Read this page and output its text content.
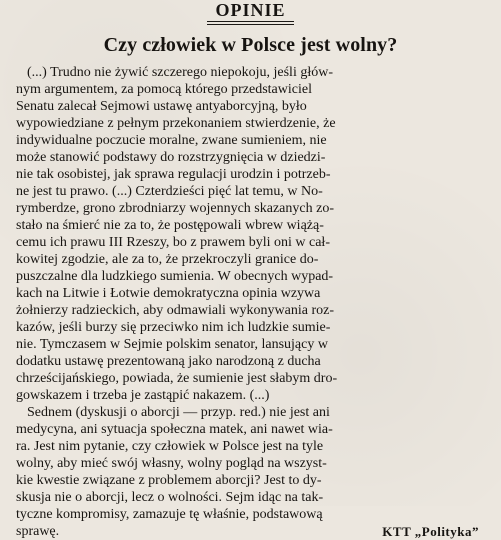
OPINIE
Czy człowiek w Polsce jest wolny?
(...) Trudno nie żywić szczerego niepokoju, jeśli głów-
nym argumentem, za pomocą którego przedstawiciel
Senatu zalecał Sejmowi ustawę antyaborcyjną, było
wypowiedziane z pełnym przekonaniem stwierdzenie, że
indywidualne poczucie moralne, zwane sumieniem, nie
może stanowić podstawy do rozstrzygnięcia w dziedzi-
nie tak osobistej, jak sprawa regulacji urodzin i potrzeb-
ne jest tu prawo. (...) Czterdzieści pięć lat temu, w No-
rymberdze, grono zbrodniarzy wojennych skazanych zo-
stało na śmierć nie za to, że postępowali wbrew wiążą-
cemu ich prawu III Rzeszy, bo z prawem byli oni w cał-
kowitej zgodzie, ale za to, że przekroczyli granice do-
puszczalne dla ludzkiego sumienia. W obecnych wypad-
kach na Litwie i Łotwie demokratyczna opinia wzywa
żołnierzy radzieckich, aby odmawiali wykonywania roz-
kazów, jeśli burzy się przeciwko nim ich ludzkie sumie-
nie. Tymczasem w Sejmie polskim senator, lansujący w
dodatku ustawę prezentowaną jako narodzoną z ducha
chrześcijańskiego, powiada, że sumienie jest słabym dro-
gowskazem i trzeba je zastąpić nakazem. (...)
Sednem (dyskusji o aborcji — przyp. red.) nie jest ani
medycyna, ani sytuacja społeczna matek, ani nawet wia-
ra. Jest nim pytanie, czy człowiek w Polsce jest na tyle
wolny, aby mieć swój własny, wolny pogląd na wszyst-
kie kwestie związane z problemem aborcji? Jest to dy-
skusja nie o aborcji, lecz o wolności. Sejm idąc na tak-
tyczne kompromisy, zamazuje tę właśnie, podstawową
sprawę.	KTT „Polityka”
